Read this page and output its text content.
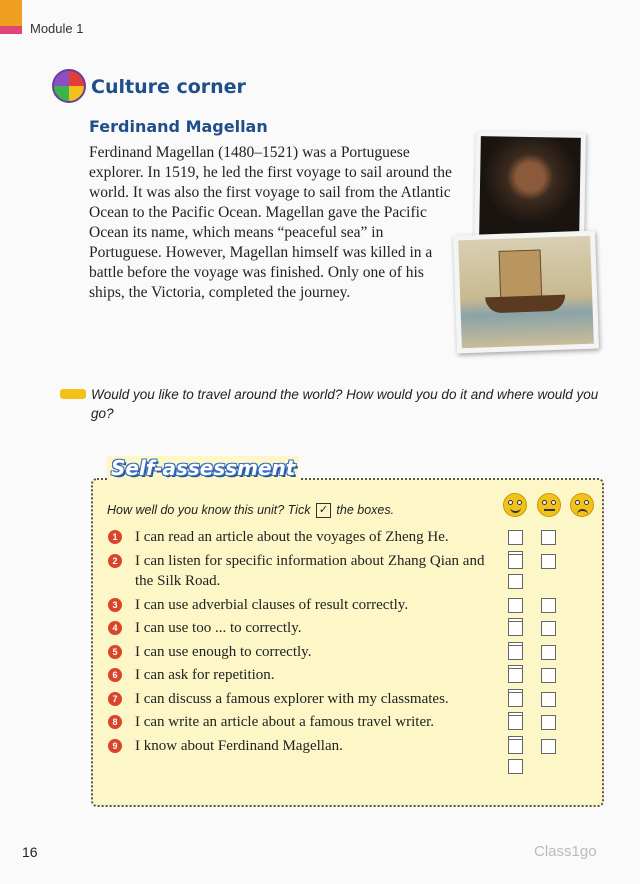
Module 1
Culture corner
Ferdinand Magellan

Ferdinand Magellan (1480–1521) was a Portuguese explorer. In 1519, he led the first voyage to sail around the world. It was also the first voyage to sail from the Atlantic Ocean to the Pacific Ocean. Magellan gave the Pacific Ocean its name, which means “peaceful sea” in Portuguese. However, Magellan himself was killed in a battle before the voyage was finished. Only one of his ships, the Victoria, completed the journey.

Would you like to travel around the world? How would you do it and where would you go?

Self-assessment
How well do you know this unit? Tick ✓ the boxes.
1	I can read an article about the voyages of Zheng He.
2	I can listen for specific information about Zhang Qian and the Silk Road.
3	I can use adverbial clauses of result correctly.
4	I can use too ... to correctly.
5	I can use enough to correctly.
6	I can ask for repetition.
7	I can discuss a famous explorer with my classmates.
8	I can write an article about a famous travel writer.
9	I know about Ferdinand Magellan.
16	Class1go
